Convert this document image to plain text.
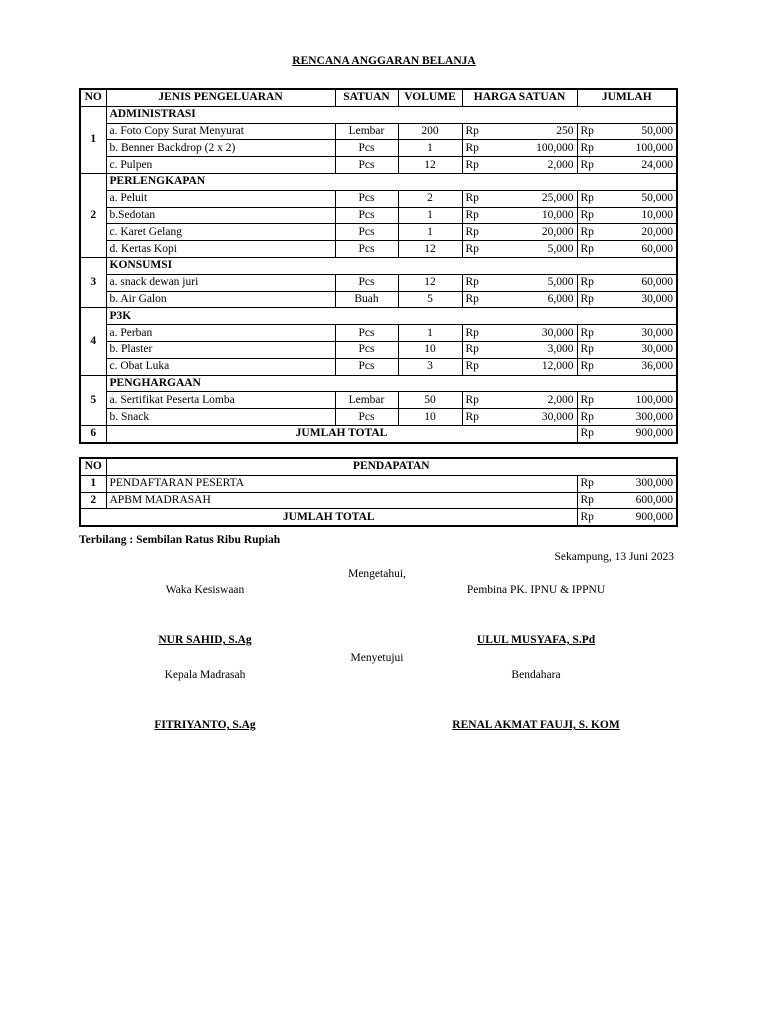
RENCANA ANGGARAN BELANJA
NO	JENIS PENGELUARAN	SATUAN	VOLUME	HARGA SATUAN		JUMLAH	
1	ADMINISTRASI						
	a. Foto Copy Surat Menyurat	Lembar	200	Rp	250	Rp	50,000
	b. Benner Backdrop (2 x 2)	Pcs	1	Rp	100,000	Rp	100,000
	c. Pulpen	Pcs	12	Rp	2,000	Rp	24,000
2	PERLENGKAPAN						
	a. Peluit	Pcs	2	Rp	25,000	Rp	50,000
	b.Sedotan	Pcs	1	Rp	10,000	Rp	10,000
	c. Karet Gelang	Pcs	1	Rp	20,000	Rp	20,000
	d. Kertas Kopi	Pcs	12	Rp	5,000	Rp	60,000
3	KONSUMSI						
	a. snack dewan juri	Pcs	12	Rp	5,000	Rp	60,000
	b. Air Galon	Buah	5	Rp	6,000	Rp	30,000
4	P3K						
	a. Perban	Pcs	1	Rp	30,000	Rp	30,000
	b. Plaster	Pcs	10	Rp	3,000	Rp	30,000
	c. Obat Luka	Pcs	3	Rp	12,000	Rp	36,000
5	PENGHARGAAN						
	a. Sertifikat Peserta Lomba	Lembar	50	Rp	2,000	Rp	100,000
	b. Snack	Pcs	10	Rp	30,000	Rp	300,000
6	JUMLAH TOTAL					Rp	900,000
NO	PENDAPATAN		
1	PENDAFTARAN PESERTA	Rp	300,000
2	APBM MADRASAH	Rp	600,000
JUMLAH TOTAL		Rp	900,000
Terbilang : Sembilan Ratus Ribu Rupiah
Sekampung, 13 Juni 2023
Mengetahui,
Waka Kesiswaan	Pembina PK. IPNU & IPPNU
NUR SAHID, S.Ag	ULUL MUSYAFA, S.Pd
Menyetujui
Kepala Madrasah	Bendahara
FITRIYANTO, S.Ag	RENAL AKMAT FAUJI, S. KOM
